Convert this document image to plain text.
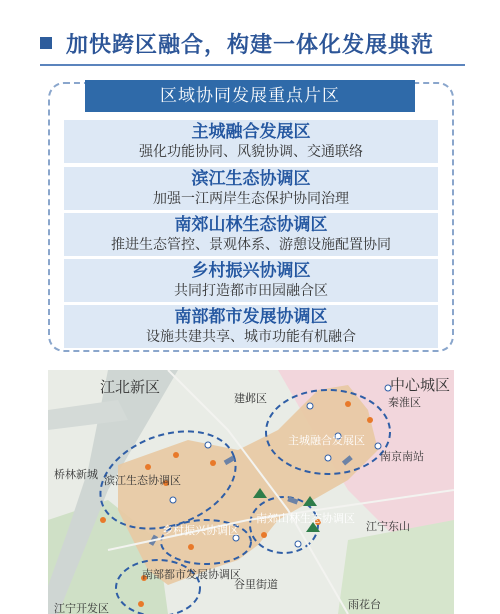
加快跨区融合，构建一体化发展典范
区域协同发展重点片区
主城融合发展区
强化功能协同、风貌协调、交通联络
滨江生态协调区
加强一江两岸生态保护协同治理
南郊山林生态协调区
推进生态管控、景观体系、游憩设施配置协同
乡村振兴协调区
共同打造都市田园融合区
南部都市发展协调区
设施共建共享、城市功能有机融合
江北新区	中心城区
建邺区	秦淮区
南京南站
桥林新城
主城融合发展区
滨江生态协调区
南郊山林生态协调区
乡村振兴协调区	江宁东山
南部都市发展协调区
谷里街道
雨花台
江宁开发区
